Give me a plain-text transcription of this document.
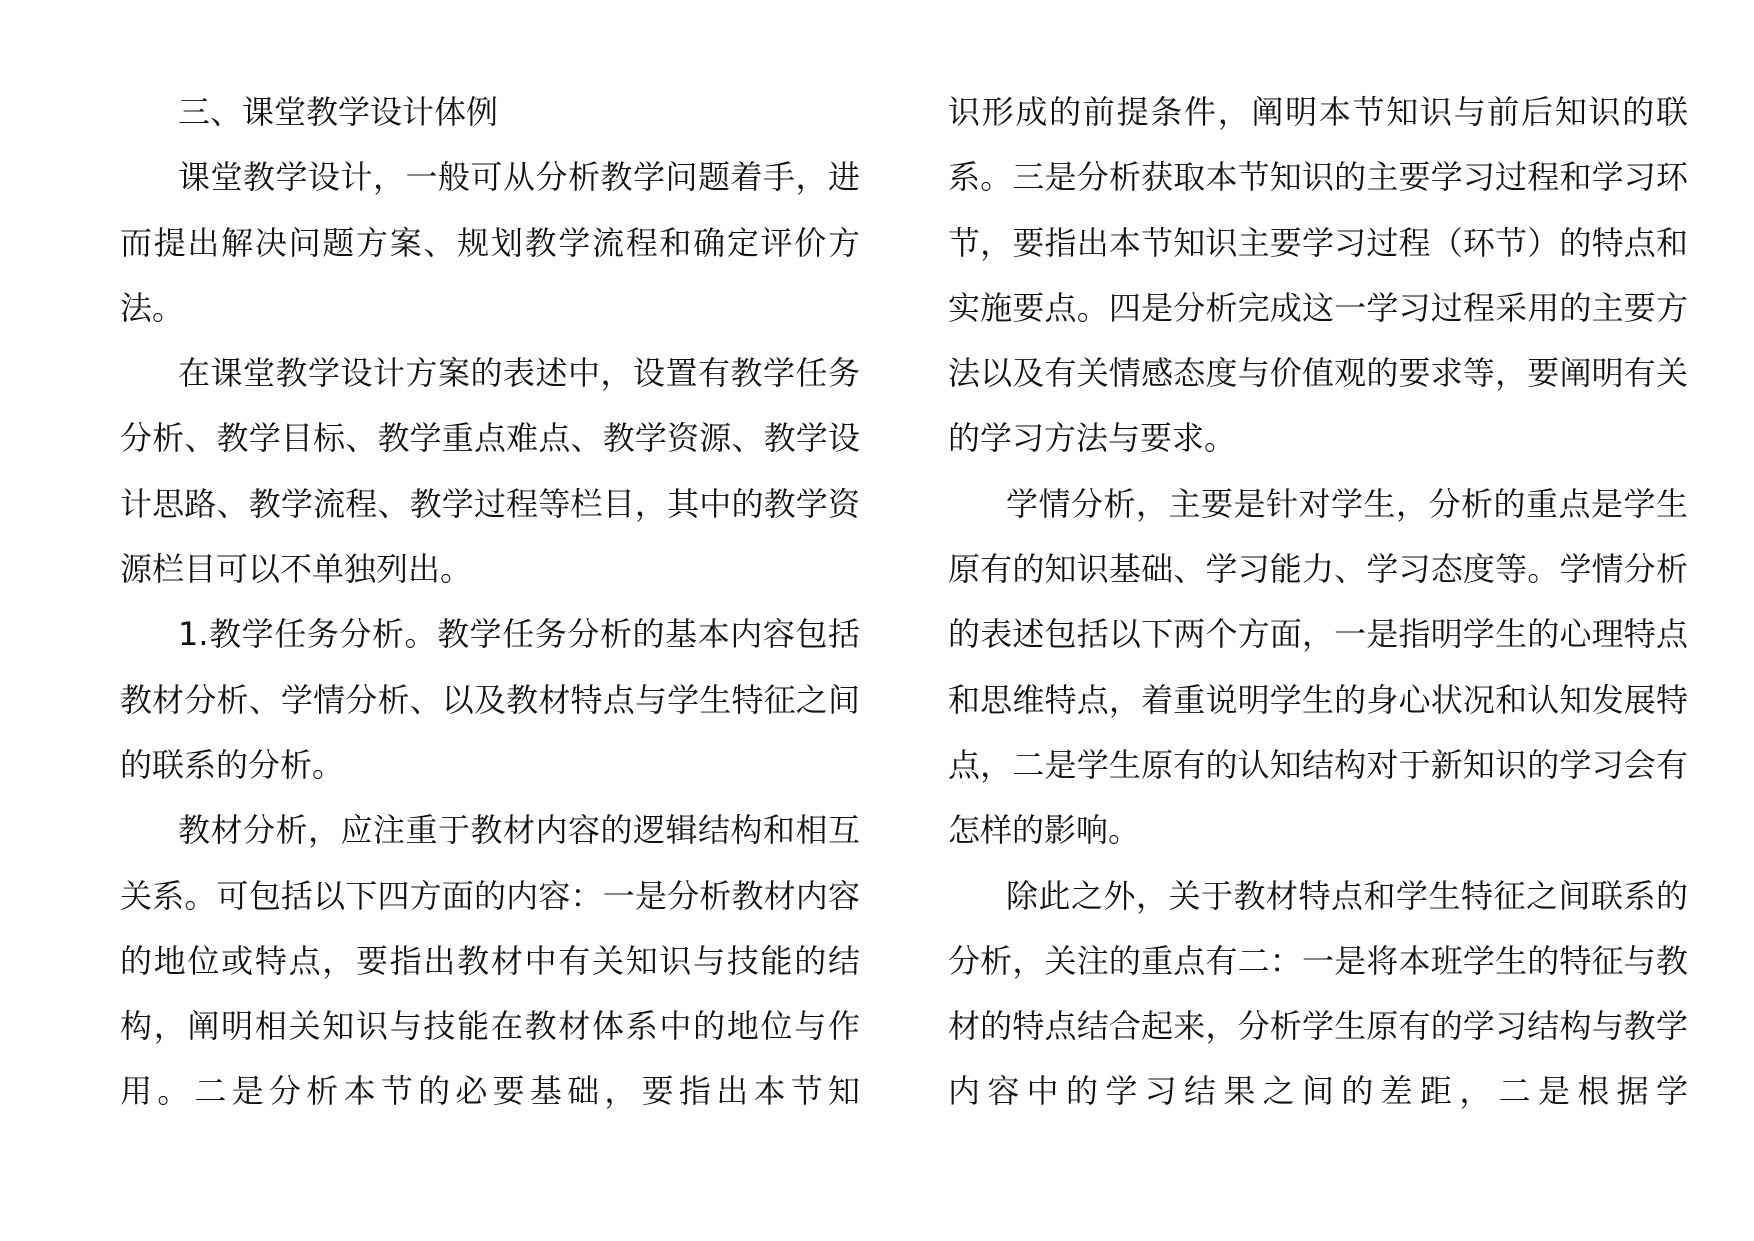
三、课堂教学设计体例

课堂教学设计，一般可从分析教学问题着手，进而提出解决问题方案、规划教学流程和确定评价方法。

在课堂教学设计方案的表述中，设置有教学任务分析、教学目标、教学重点难点、教学资源、教学设计思路、教学流程、教学过程等栏目，其中的教学资源栏目可以不单独列出。

1.教学任务分析。教学任务分析的基本内容包括教材分析、学情分析、以及教材特点与学生特征之间的联系的分析。

教材分析，应注重于教材内容的逻辑结构和相互关系。可包括以下四方面的内容：一是分析教材内容的地位或特点，要指出教材中有关知识与技能的结构，阐明相关知识与技能在教材体系中的地位与作用。二是分析本节的必要基础，要指出本节知

识形成的前提条件，阐明本节知识与前后知识的联系。三是分析获取本节知识的主要学习过程和学习环节，要指出本节知识主要学习过程（环节）的特点和实施要点。四是分析完成这一学习过程采用的主要方法以及有关情感态度与价值观的要求等，要阐明有关的学习方法与要求。

学情分析，主要是针对学生，分析的重点是学生原有的知识基础、学习能力、学习态度等。学情分析的表述包括以下两个方面，一是指明学生的心理特点和思维特点，着重说明学生的身心状况和认知发展特点，二是学生原有的认知结构对于新知识的学习会有怎样的影响。

除此之外，关于教材特点和学生特征之间联系的分析，关注的重点有二：一是将本班学生的特征与教材的特点结合起来，分析学生原有的学习结构与教学内容中的学习结果之间的差距，二是根据学
